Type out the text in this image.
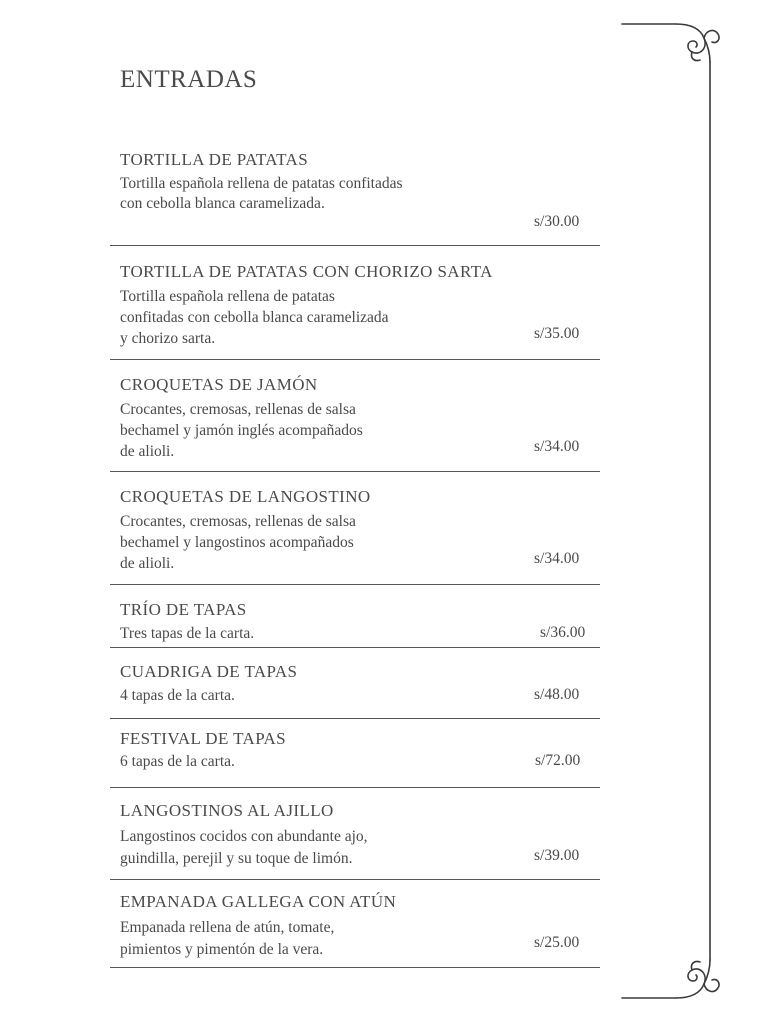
ENTRADAS
TORTILLA DE PATATAS
Tortilla española rellena de patatas confitadas
con cebolla blanca caramelizada.
s/30.00
TORTILLA DE PATATAS CON CHORIZO SARTA
Tortilla española rellena de patatas
confitadas con cebolla blanca caramelizada
y chorizo sarta.	s/35.00
CROQUETAS DE JAMÓN
Crocantes, cremosas, rellenas de salsa
bechamel y jamón inglés acompañados
de alioli.	s/34.00
CROQUETAS DE LANGOSTINO
Crocantes, cremosas, rellenas de salsa
bechamel y langostinos acompañados
de alioli.	s/34.00
TRÍO DE TAPAS
Tres tapas de la carta.	s/36.00
CUADRIGA DE TAPAS
4 tapas de la carta.	s/48.00
FESTIVAL DE TAPAS
6 tapas de la carta.	s/72.00
LANGOSTINOS AL AJILLO
Langostinos cocidos con abundante ajo,
guindilla, perejil y su toque de limón.	s/39.00
EMPANADA GALLEGA CON ATÚN
Empanada rellena de atún, tomate,
pimientos y pimentón de la vera.	s/25.00
